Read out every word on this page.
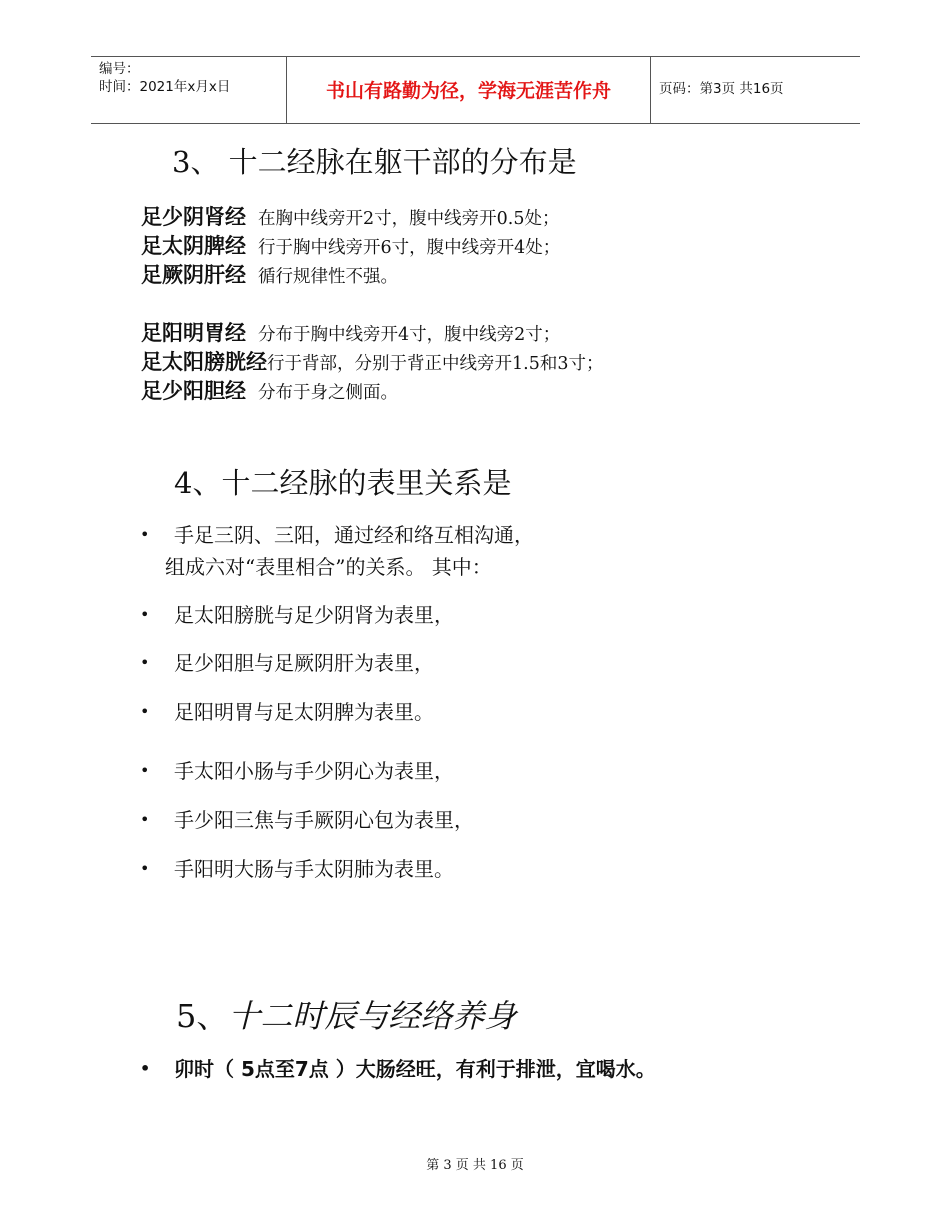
编号：
时间：2021年x月x日	书山有路勤为径，学海无涯苦作舟	页码：第3页 共16页
3、 十二经脉在躯干部的分布是
足少阴肾经 在胸中线旁开2寸，腹中线旁开0.5处；
足太阴脾经 行于胸中线旁开6寸，腹中线旁开4处；
足厥阴肝经 循行规律性不强。
足阳明胃经 分布于胸中线旁开4寸，腹中线旁2寸；
足太阳膀胱经行于背部，分别于背正中线旁开1.5和3寸；
足少阳胆经 分布于身之侧面。
4、十二经脉的表里关系是
• 手足三阴、三阳，通过经和络互相沟通，
组成六对“表里相合”的关系。 其中：
• 足太阳膀胱与足少阴肾为表里，
• 足少阳胆与足厥阴肝为表里，
• 足阳明胃与足太阴脾为表里。
• 手太阳小肠与手少阴心为表里，
• 手少阳三焦与手厥阴心包为表里，
• 手阳明大肠与手太阴肺为表里。
5、十二时辰与经络养身
• 卯时（ 5点至7点 ）大肠经旺，有利于排泄，宜喝水。
第 3 页 共 16 页
